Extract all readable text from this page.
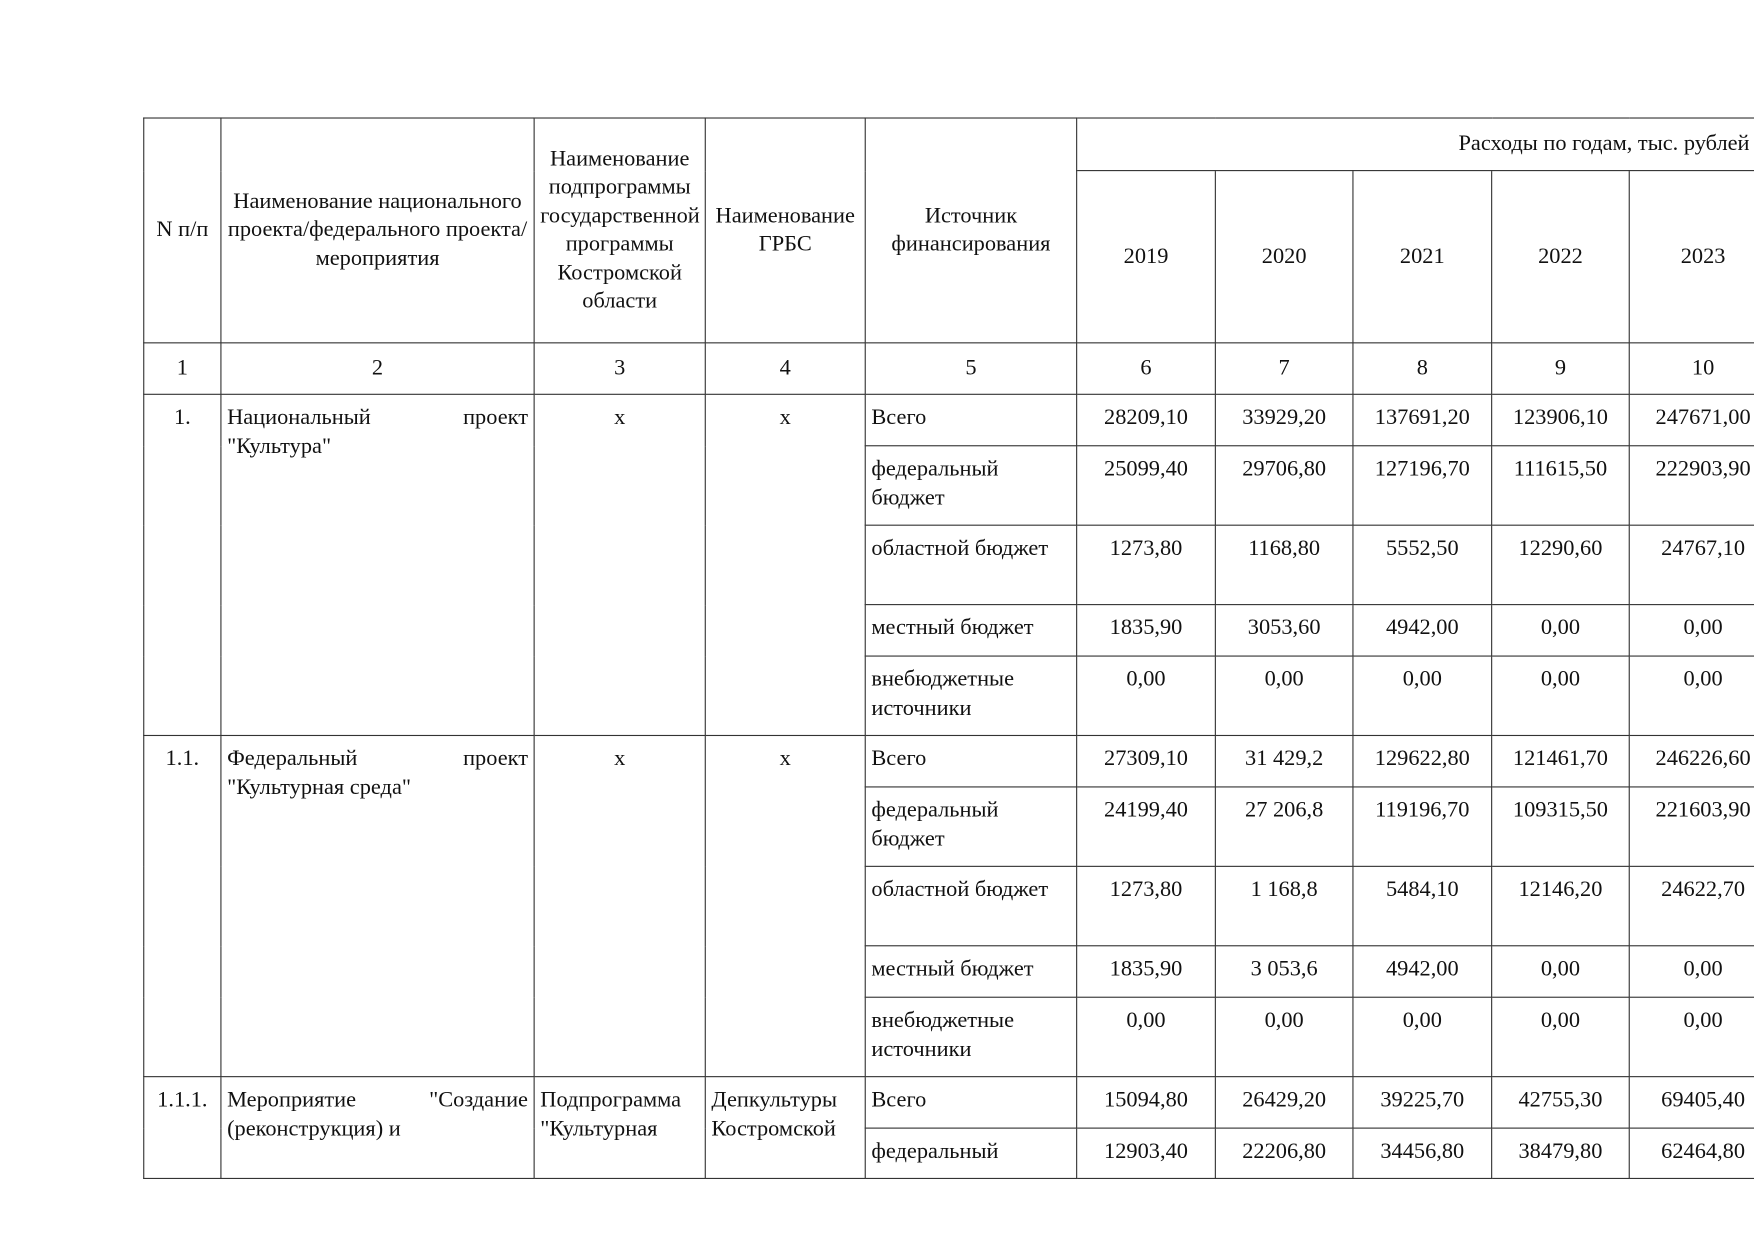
N п/п	Наименование национального проекта/федерального проекта/мероприятия	Наименование подпрограммы государственной программы Костромской области	Наименование ГРБС	Источник финансирования	Расходы по годам, тыс. рублей				
					2019	2020	2021	2022	2023
1	2	3	4	5	6	7	8	9	10
1.	Национальный проект "Культура"	х	х	Всего	28209,10	33929,20	137691,20	123906,10	247671,00
				федеральный бюджет	25099,40	29706,80	127196,70	111615,50	222903,90
				областной бюджет	1273,80	1168,80	5552,50	12290,60	24767,10
				местный бюджет	1835,90	3053,60	4942,00	0,00	0,00
				внебюджетные источники	0,00	0,00	0,00	0,00	0,00
1.1.	Федеральный проект "Культурная среда"	х	х	Всего	27309,10	31 429,2	129622,80	121461,70	246226,60
				федеральный бюджет	24199,40	27 206,8	119196,70	109315,50	221603,90
				областной бюджет	1273,80	1 168,8	5484,10	12146,20	24622,70
				местный бюджет	1835,90	3 053,6	4942,00	0,00	0,00
				внебюджетные источники	0,00	0,00	0,00	0,00	0,00
1.1.1.	Мероприятие "Создание (реконструкция) и	Подпрограмма "Культурная	Депкультуры Костромской	Всего	15094,80	26429,20	39225,70	42755,30	69405,40
				федеральный	12903,40	22206,80	34456,80	38479,80	62464,80
